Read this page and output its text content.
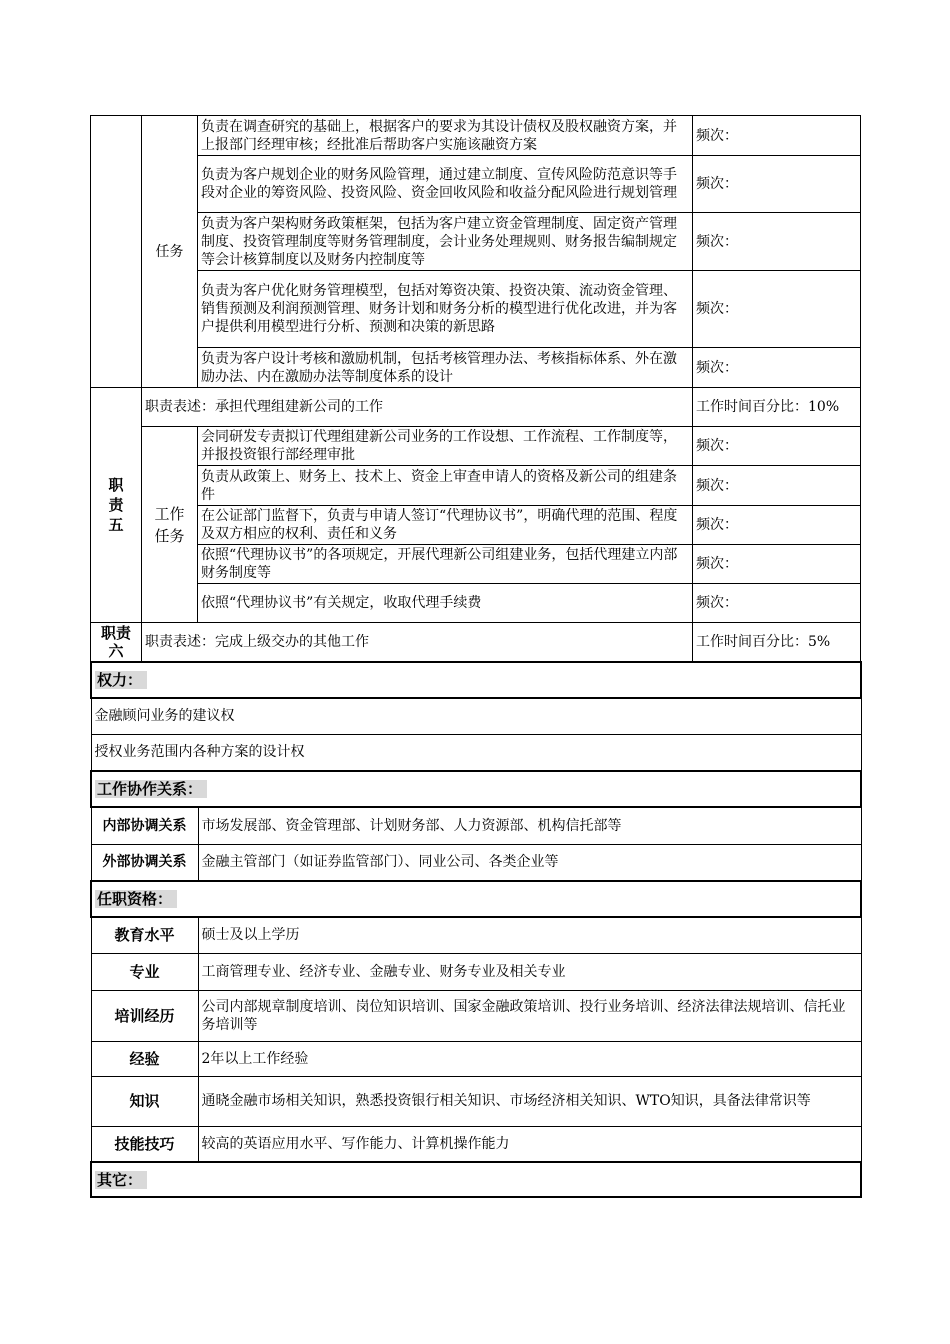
	任务	负责在调查研究的基础上，根据客户的要求为其设计债权及股权融资方案，并上报部门经理审核；经批准后帮助客户实施该融资方案	频次：
		负责为客户规划企业的财务风险管理，通过建立制度、宣传风险防范意识等手段对企业的筹资风险、投资风险、资金回收风险和收益分配风险进行规划管理	频次：
		负责为客户架构财务政策框架，包括为客户建立资金管理制度、固定资产管理制度、投资管理制度等财务管理制度，会计业务处理规则、财务报告编制规定等会计核算制度以及财务内控制度等	频次：
		负责为客户优化财务管理模型，包括对筹资决策、投资决策、流动资金管理、销售预测及利润预测管理、财务计划和财务分析的模型进行优化改进，并为客户提供利用模型进行分析、预测和决策的新思路	频次：
		负责为客户设计考核和激励机制，包括考核管理办法、考核指标体系、外在激励办法、内在激励办法等制度体系的设计	频次：

职责五	职责表述：承担代理组建新公司的工作		工作时间百分比：10%

	工作任务	会同研发专责拟订代理组建新公司业务的工作设想、工作流程、工作制度等，并报投资银行部经理审批	频次：
		负责从政策上、财务上、技术上、资金上审查申请人的资格及新公司的组建条件	频次：
		在公证部门监督下，负责与申请人签订“代理协议书”，明确代理的范围、程度及双方相应的权利、责任和义务	频次：
		依照“代理协议书”的各项规定，开展代理新公司组建业务，包括代理建立内部财务制度等	频次：
		依照“代理协议书”有关规定，收取代理手续费	频次：

职责六	职责表述：完成上级交办的其他工作		工作时间百分比：5%
权力：	
金融顾问业务的建议权	
授权业务范围内各种方案的设计权	
工作协作关系：	
内部协调关系	市场发展部、资金管理部、计划财务部、人力资源部、机构信托部等
外部协调关系	金融主管部门（如证券监管部门）、同业公司、各类企业等
任职资格：	
教育水平	硕士及以上学历
专业	工商管理专业、经济专业、金融专业、财务专业及相关专业
培训经历	公司内部规章制度培训、岗位知识培训、国家金融政策培训、投行业务培训、经济法律法规培训、信托业务培训等
经验	2年以上工作经验
知识	通晓金融市场相关知识，熟悉投资银行相关知识、市场经济相关知识、WTO知识，具备法律常识等
技能技巧	较高的英语应用水平、写作能力、计算机操作能力
其它：	
